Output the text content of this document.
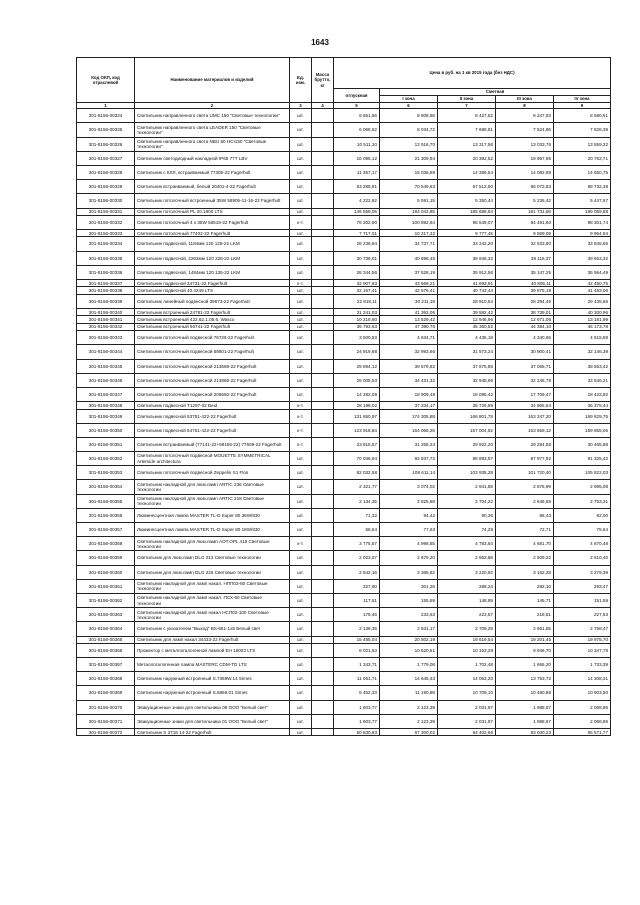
1643
Код ОКП, код отраслевой	Наименование материалов и изделий	Ед. изм.	Масса брутто, кг	Цена в руб. на 1 кв 2015 года (без НДС)				
				отпускная	Сметная			
					I зона	II зона	III зона	IV зона
1	2	3	4	5	6	7	8	9
301-8156-00324	Светильник направленного света UMC 150 "Световые технологии"	шт.		6 651,56	8 808,66	8 427,52	8 247,93	8 580,51
301-8156-00325	Светильник направленного света LEADER 150 "Световые технологии"	шт.		6 068,52	8 034,72	7 688,81	7 524,96	7 828,39
301-8156-00326	Светильник направленного света NBU 50 HCI150 "Световые технологии"	шт.		10 511,10	13 916,70	13 317,56	13 033,76	13 559,32
301-8156-00327	Светильник светодиодный накладной IP65 77Т LBV	шт.		16 095,12	21 309,94	20 392,52	19 957,95	20 762,71
301-8156-00328	Светильник с КЛЛ, встраиваемый 77305-22 Fagerhult	шт.		11 357,17	15 036,89	14 389,54	14 082,89	14 650,75
301-8156-00329	Светильник встраиваемый, белый 20401-4-22 Fagerhult	шт.		53 285,91	70 549,83	67 512,50	66 073,83	68 732,38
301-8156-00330	Светильник потолочный встроенный 35W 58905-11-16-22 Fagerhult	шт.		4 222,92	5 591,15	5 350,44	5 236,42	5 447,57
301-8156-00331	Светильник потолочный PL 20.1800 LTS	шт.		146 558,05	194 042,85	185 688,64	181 731,56	189 059,88
301-8156-00332	Светильник потолочный 4 x 35W 56519-22 Fagerhult	к-т.		76 202,90	100 892,64	96 549,07	94 491,60	98 301,74
301-8156-00333	Светильник потолочный 77402-22 Fagerhult	шт.		7 717,01	10 217,32	9 777,45	9 569,09	9 954,94
301-8156-00334	Светильник подвесной, 1184мм 120 128-22 LKM	шт.		26 236,94	34 737,71	33 242,20	32 533,80	33 845,65
301-8156-00335	Светильник подвесной, 2262мм 120 228-22 LKM	шт.		30 739,01	40 698,45	38 946,32	38 116,37	39 653,32
301-8156-00336	Светильник подвесной, 1484мм 120 135-22 LKM	шт.		28 344,56	37 528,19	35 912,56	35 147,25	36 564,49
301-8156-00337	Светильник подвесной 34731-22 Fagerhult	к-т.		32 907,83	43 569,21	41 693,91	40 805,11	42 450,75
301-8156-00338	Светильник подвесной 40.4249 LTS	шт.		32 157,41	42 576,41	40 743,44	39 875,19	41 483,06
301-8156-00339	Светильник линейный подвесной 39673-22 Fagerhult	шт.		22 818,11	30 211,18	28 910,54	28 294,45	29 435,56
301-8156-00340	Светильник встроенный 24781-22 Fagerhult	шт.		31 241,03	41 363,06	39 582,42	38 739,01	40 300,96
301-8156-00341	Светильник встроенный 422.62.1.05.6. Wasco	шт.		10 218,60	13 529,42	12 946,96	12 671,06	13 181,99
301-8156-00342	Светильник встроенный 56741-22 Fagerhult	шт.		35 793,63	47 390,76	45 350,52	44 384,10	46 173,78
301-8156-00343	Светильник потолочный подвесной 76726-22 Fagerhult	шт.		3 500,53	4 634,71	4 435,18	4 340,66	4 515,69
301-8156-00344	Светильник потолочный подвесной 59801-22 Fagerhult	шт.		24 919,68	32 993,66	31 573,24	30 900,41	32 146,39
301-8156-00345	Светильник потолочный подвесной 213569-22 Fagerhult	шт.		29 894,12	39 579,82	37 875,86	37 068,71	38 563,42
301-8156-00346	Светильник потолочный подвесной 213866-22 Fagerhult	шт.		26 005,53	34 431,32	32 948,96	32 246,78	33 546,21
301-8156-00347	Светильник потолочный подвесной 206550-22 Fagerhult	шт.		14 282,09	18 909,49	18 095,42	17 709,47	18 423,92
301-8156-00348	Светильник подвесной T1297-02 Beid	к-т.		28 198,02	37 334,17	35 726,89	34 965,54	36 375,44
301-8156-00349	Светильник подвесной 53751-422-22 Fagerhult	к-т.		131 650,97	174 305,88	166 801,78	163 247,20	169 829,75
301-8156-00350	Светильник подвесной 54751-422-22 Fagerhult	к-т.		123 918,84	164 068,26	157 004,92	153 659,12	159 855,05
301-8156-00351	Светильник встраиваемый (77141-22+99156-22) 77609-22 Fagerhult	к-т.		23 615,57	31 268,34	29 922,20	29 284,55	30 465,88
301-8156-00352	Светильник потолочный подвесной MOUETTE SYMMETRICAL Artemide architectura	шт.		70 046,94	92 937,72	88 893,97	87 977,92	91 325,42
301-8156-00353	Светильник потолочный подвесной Zeppelin S1 Flos	шт.		82 032,58	108 611,14	103 935,28	101 720,40	105 822,03
301-8156-00354	Светильник накладной для люм.ламп ARTIC 236 Световые технологии	шт.		2 321,77	3 074,02	2 941,68	2 878,99	2 995,08
301-8156-00355	Светильник накладной для люм.ламп ARTIC 218 Световые технологии	шт.		2 134,35	2 825,88	2 704,22	2 646,59	2 753,31
301-8156-00356	Люминесцентная лампа MASTER TL-D Super 80 36W/830	шт.		71,32	94,42	90,36	88,43	92,00
301-8156-00357	Люминесцентная лампа MASTER TL-D Super 80 18W/830	шт.		58,64	77,63	74,29	72,71	75,64
301-8156-00358	Светильник накладной для люм.ламп AOT.OPL 418 Световые технологии	к-т.		3 775,57	4 998,85	4 783,64	4 681,70	4 870,48
301-8156-00359	Светильник для люм.ламп DLG 213 Световые технологии	шт.		2 023,57	2 679,20	2 563,86	2 509,22	2 610,40
301-8156-00360	Светильник для люм.ламп DLG 226 Световые технологии	шт.		2 542,16	3 365,82	3 220,92	3 152,28	3 279,39
301-8156-00361	Светильник накладной для ламп накал. НПП03-60 Световые технологии	шт.		227,60	301,26	288,24	282,10	293,47
301-8156-00362	Светильник накладной для ламп накал. ПСХ-60 Световые технологии	шт.		117,51	155,59	148,89	145,71	151,59
301-8156-00363	Светильник накладной для ламп накал НСП02-100 Световые технологии	шт.		176,46	233,63	223,57	218,81	227,63
301-8156-00364	Светильник с указателем "Выход" BS-661-1x8 Белый свет	шт.		2 138,35	2 831,17	2 709,29	2 651,55	2 758,47
301-8156-00365	Светильник для ламп накал 34433-22 Fagerhult	шт.		15 485,04	20 502,19	19 619,54	19 201,45	19 975,70
301-8156-00366	Прожектор с металлогалогенной лампой EH 15003 LTS	шт.		8 021,53	10 620,51	10 163,28	9 946,70	10 347,78
301-8156-00367	Металлогалогенная лампа MASTERC CDM-TD LTS	шт.		1 343,71	1 779,08	1 702,48	1 666,20	1 733,39
301-8156-00368	Светильник наружный встроенный S.7369W.14 Simes	шт.		11 061,71	14 645,43	14 053,20	13 753,72	14 308,31
301-8156-00369	Светильник наружный встроенный S.6869.01 Simes	шт.		8 452,33	11 190,88	10 709,10	10 480,88	10 903,50
301-8156-00370	Эвакуационные знаки для светильника 08 ООО "Белый свет"	шт.		1 603,77	2 123,39	2 031,97	1 988,67	2 068,86
301-8156-00371	Эвакуационные знаки для светильника 01 ООО "Белый свет"	шт.		1 603,77	2 123,39	2 031,97	1 988,67	2 068,86
301-8156-00372	Светильник S 3718 14-22 Fagerhult	шт.		50 830,83	67 300,02	64 402,66	63 030,23	65 571,77
